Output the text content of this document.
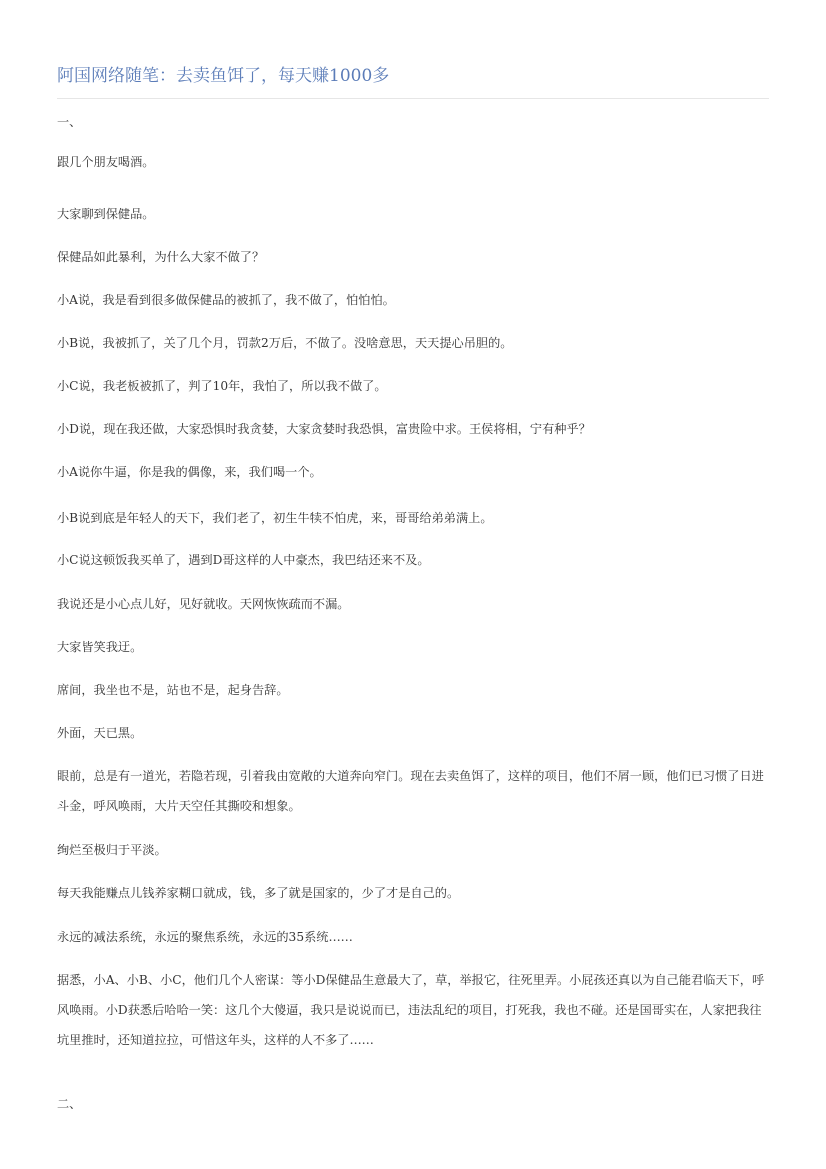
阿国网络随笔：去卖鱼饵了，每天赚1000多

一、

跟几个朋友喝酒。

大家聊到保健品。

保健品如此暴利，为什么大家不做了？

小A说，我是看到很多做保健品的被抓了，我不做了，怕怕怕。

小B说，我被抓了，关了几个月，罚款2万后，不做了。没啥意思，天天提心吊胆的。

小C说，我老板被抓了，判了10年，我怕了，所以我不做了。

小D说，现在我还做，大家恐惧时我贪婪，大家贪婪时我恐惧，富贵险中求。王侯将相，宁有种乎？

小A说你牛逼，你是我的偶像，来，我们喝一个。

小B说到底是年轻人的天下，我们老了，初生牛犊不怕虎，来，哥哥给弟弟满上。

小C说这顿饭我买单了，遇到D哥这样的人中豪杰，我巴结还来不及。

我说还是小心点儿好，见好就收。天网恢恢疏而不漏。

大家皆笑我迂。

席间，我坐也不是，站也不是，起身告辞。

外面，天已黑。

眼前，总是有一道光，若隐若现，引着我由宽敞的大道奔向窄门。现在去卖鱼饵了，这样的项目，他们不屑一顾，他们已习惯了日进斗金，呼风唤雨，大片天空任其撕咬和想象。

绚烂至极归于平淡。

每天我能赚点儿钱养家糊口就成，钱，多了就是国家的，少了才是自己的。

永远的减法系统，永远的聚焦系统，永远的35系统……

据悉，小A、小B、小C，他们几个人密谋：等小D保健品生意最大了，草，举报它，往死里弄。小屁孩还真以为自己能君临天下，呼风唤雨。小D获悉后哈哈一笑：这几个大傻逼，我只是说说而已，违法乱纪的项目，打死我，我也不碰。还是国哥实在，人家把我往坑里推时，还知道拉拉，可惜这年头，这样的人不多了……

二、
